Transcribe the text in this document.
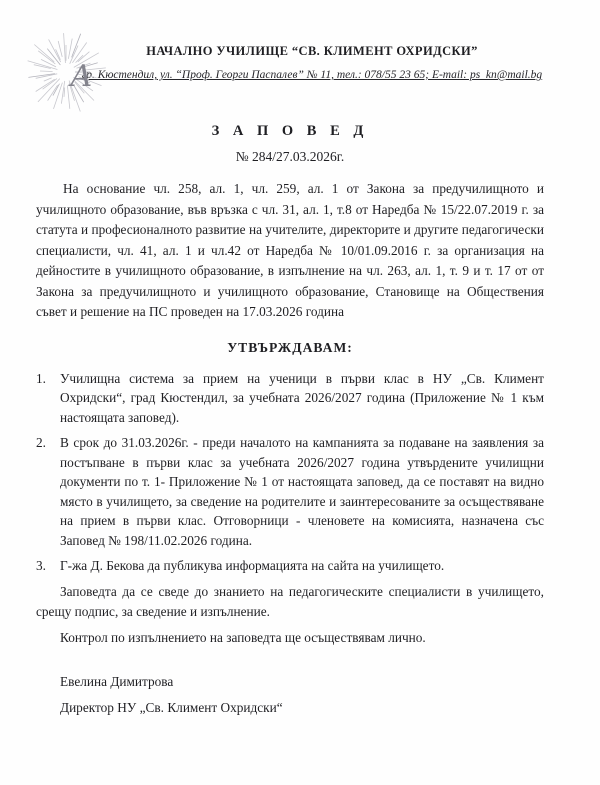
А
НАЧАЛНО УЧИЛИЩЕ “СВ. КЛИМЕНТ ОХРИДСКИ”
гр. Кюстендил, ул. “Проф. Георги Паспалев” № 11, тел.: 078/55 23 65; E-mail: ps_kn@mail.bg
З А П О В Е Д
№ 284/27.03.2026г.

На основание чл. 258, ал. 1, чл. 259, ал. 1 от Закона за предучилищното и училищното образование, във връзка с чл. 31, ал. 1, т.8 от Наредба № 15/22.07.2019 г. за статута и професионалното развитие на учителите, директорите и другите педагогически специалисти, чл. 41, ал. 1 и чл.42 от Наредба № 10/01.09.2016 г. за организация на дейностите в училищното образование, в изпълнение на чл. 263, ал. 1, т. 9 и т. 17 от от Закона за предучилищното и училищното образование, Становище на Обществения съвет и решение на ПС проведен на 17.03.2026 година

УТВЪРЖДАВАМ:
1.	Училищна система за прием на ученици в първи клас в НУ „Св. Климент Охридски“, град Кюстендил, за учебната 2026/2027 година (Приложение № 1 към настоящата заповед).
2.	В срок до 31.03.2026г. - преди началото на кампанията за подаване на заявления за постъпване в първи клас за учебната 2026/2027 година утвърдените училищни документи по т. 1- Приложение № 1 от настоящата заповед, да се поставят на видно място в училището, за сведение на родителите и заинтересованите за осъществяване на прием в първи клас. Отговорници - членовете на комисията, назначена със Заповед № 198/11.02.2026 година.
3.	Г-жа Д. Бекова да публикува информацията на сайта на училището.

Заповедта да се сведе до знанието на педагогическите специалисти в училището, срещу подпис, за сведение и изпълнение.

Контрол по изпълнението на заповедта ще осъществявам лично.

Евелина Димитрова
Директор НУ „Св. Климент Охридски“
